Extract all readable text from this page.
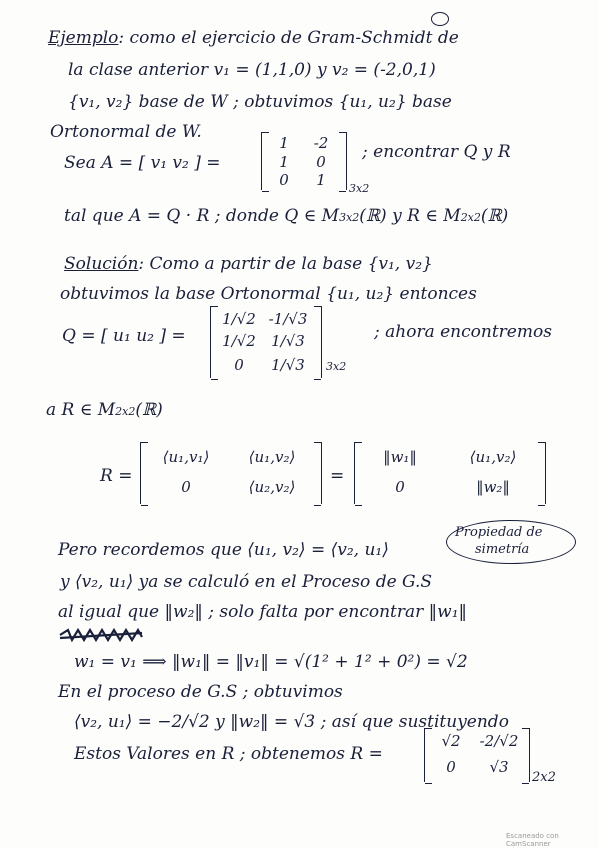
Ejemplo: como el ejercicio de Gram-Schmidt de
la clase anterior v₁ = (1,1,0) y v₂ = (-2,0,1)
{v₁, v₂} base de W ; obtuvimos {u₁, u₂} base
Ortonormal de W.
Sea A = [ v₁ v₂ ] =
1	-2
1	0
0	1	3x2
; encontrar Q y R
tal que A = Q · R ; donde Q ∈ M3x2(ℝ) y R ∈ M2x2(ℝ)
Solución: Como a partir de la base {v₁, v₂}
obtuvimos la base Ortonormal {u₁, u₂} entonces
Q = [ u₁ u₂ ] =
1/√2 -1/√3
1/√2	1/√3
0	1/√3	3x2
; ahora encontremos
a R ∈ M2x2(ℝ)
R =
⟨u₁,v₁⟩	⟨u₁,v₂⟩
0	⟨u₂,v₂⟩
=
‖w₁‖	⟨u₁,v₂⟩
0	‖w₂‖
Pero recordemos que ⟨u₁, v₂⟩ = ⟨v₂, u₁⟩
Propiedad de
simetría
y ⟨v₂, u₁⟩ ya se calculó en el Proceso de G.S
al igual que ‖w₂‖ ; solo falta por encontrar ‖w₁‖
w₁ = v₁ ⟹ ‖w₁‖ = ‖v₁‖ = √(1² + 1² + 0²) = √2
En el proceso de G.S ; obtuvimos
⟨v₂, u₁⟩ = −2/√2 y ‖w₂‖ = √3 ; así que sustituyendo
Estos Valores en R ; obtenemos R =
√2	-2/√2
0	√3
2x2
Escaneado con CamScanner
